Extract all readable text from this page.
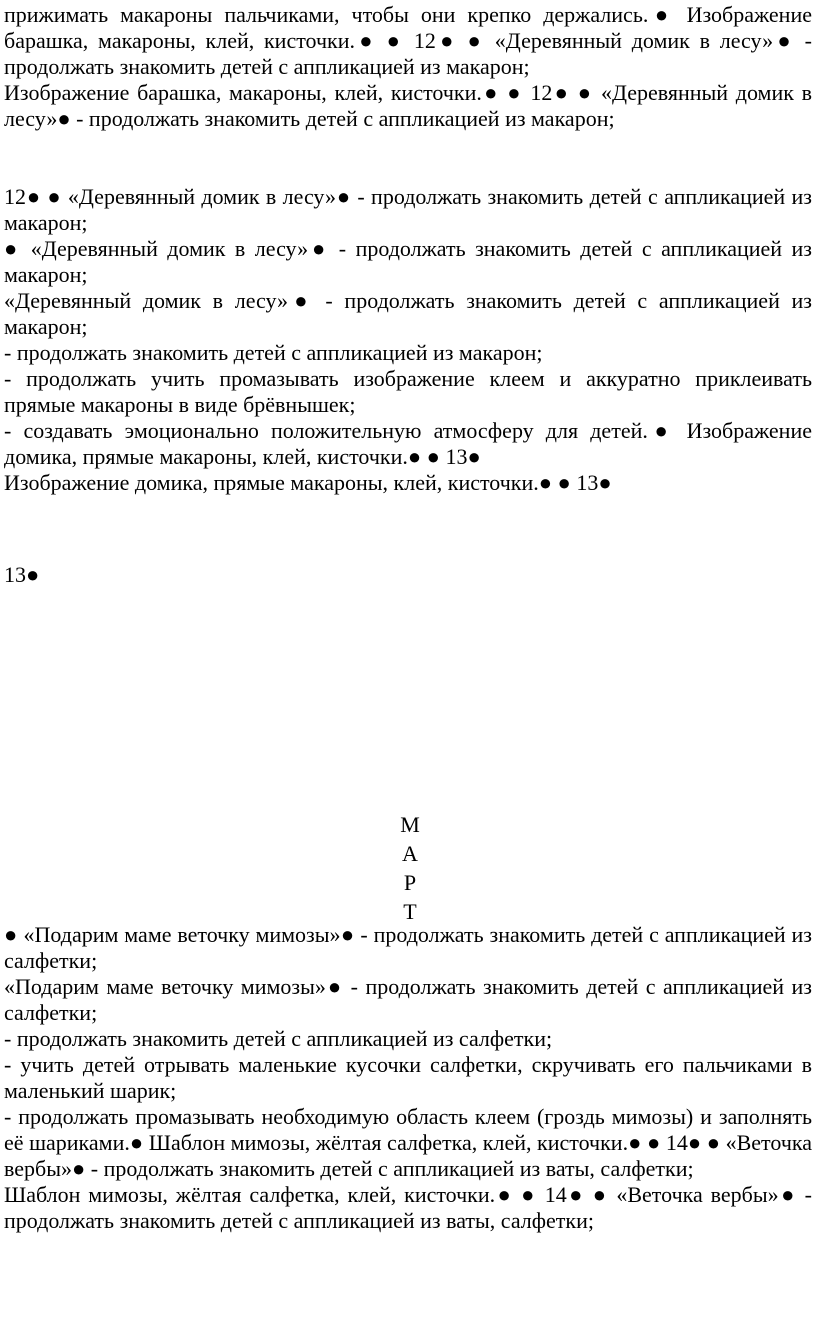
прижимать макароны пальчиками, чтобы они крепко держались.● Изображение барашка, макароны, клей, кисточки.● ● 12● ● «Деревянный домик в лесу»● - продолжать знакомить детей с аппликацией из макарон;

Изображение барашка, макароны, клей, кисточки.● ● 12● ● «Деревянный домик в лесу»● - продолжать знакомить детей с аппликацией из макарон;

12● ● «Деревянный домик в лесу»● - продолжать знакомить детей с аппликацией из макарон;

● «Деревянный домик в лесу»● - продолжать знакомить детей с аппликацией из макарон;

«Деревянный домик в лесу»● - продолжать знакомить детей с аппликацией из макарон;

- продолжать знакомить детей с аппликацией из макарон;

- продолжать учить промазывать изображение клеем и аккуратно приклеивать прямые макароны в виде брёвнышек;

- создавать эмоционально положительную атмосферу для детей.● Изображение домика, прямые макароны, клей, кисточки.● ● 13●

Изображение домика, прямые макароны, клей, кисточки.● ● 13●

13●

М
А
Р
Т

● «Подарим маме веточку мимозы»● - продолжать знакомить детей с аппликацией из салфетки;

«Подарим маме веточку мимозы»● - продолжать знакомить детей с аппликацией из салфетки;

- продолжать знакомить детей с аппликацией из салфетки;

- учить детей отрывать маленькие кусочки салфетки, скручивать его пальчиками в маленький шарик;

- продолжать промазывать необходимую область клеем (гроздь мимозы) и заполнять её шариками.● Шаблон мимозы, жёлтая салфетка, клей, кисточки.● ● 14● ● «Веточка вербы»● - продолжать знакомить детей с аппликацией из ваты, салфетки;

Шаблон мимозы, жёлтая салфетка, клей, кисточки.● ● 14● ● «Веточка вербы»● - продолжать знакомить детей с аппликацией из ваты, салфетки;
